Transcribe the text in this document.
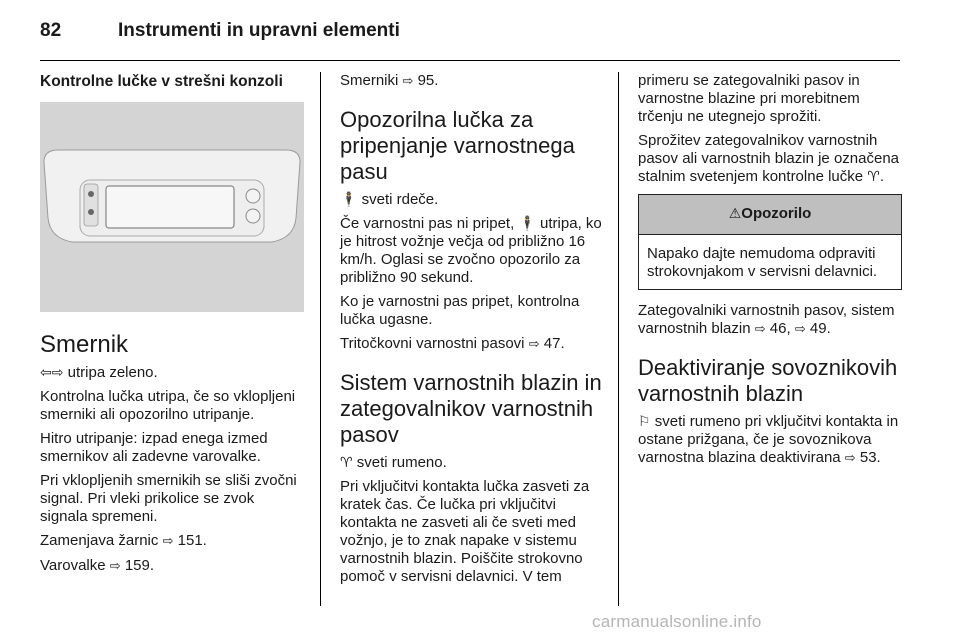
82	Instrumenti in upravni elementi
Kontrolne lučke v strešni konzoli
Smernik

⇦⇨ utripa zeleno.

Kontrolna lučka utripa, če so vklopljeni smerniki ali opozorilno utripanje.

Hitro utripanje: izpad enega izmed smernikov ali zadevne varovalke.

Pri vklopljenih smernikih se sliši zvočni signal. Pri vleki prikolice se zvok signala spremeni.

Zamenjava žarnic ⇨ 151.

Varovalke ⇨ 159.

Smerniki ⇨ 95.

Opozorilna lučka za pripenjanje varnostnega pasu

🕴 sveti rdeče.

Če varnostni pas ni pripet, 🕴 utripa, ko je hitrost vožnje večja od približno 16 km/h. Oglasi se zvočno opozorilo za približno 90 sekund.

Ko je varnostni pas pripet, kontrolna lučka ugasne.

Tritočkovni varnostni pasovi ⇨ 47.

Sistem varnostnih blazin in zategovalnikov varnostnih pasov

♈ sveti rumeno.

Pri vključitvi kontakta lučka zasveti za kratek čas. Če lučka pri vključitvi kontakta ne zasveti ali če sveti med vožnjo, je to znak napake v sistemu varnostnih blazin. Poiščite strokovno pomoč v servisni delavnici. V tem

primeru se zategovalniki pasov in varnostne blazine pri morebitnem trčenju ne utegnejo sprožiti.

Sprožitev zategovalnikov varnostnih pasov ali varnostnih blazin je označena stalnim svetenjem kontrolne lučke ♈.

⚠Opozorilo

Napako dajte nemudoma odpraviti strokovnjakom v servisni delavnici.

Zategovalniki varnostnih pasov, sistem varnostnih blazin ⇨ 46, ⇨ 49.

Deaktiviranje sovoznikovih varnostnih blazin

⚐ sveti rumeno pri vključitvi kontakta in ostane prižgana, če je sovoznikova varnostna blazina deaktivirana ⇨ 53.

carmanualsonline.info
